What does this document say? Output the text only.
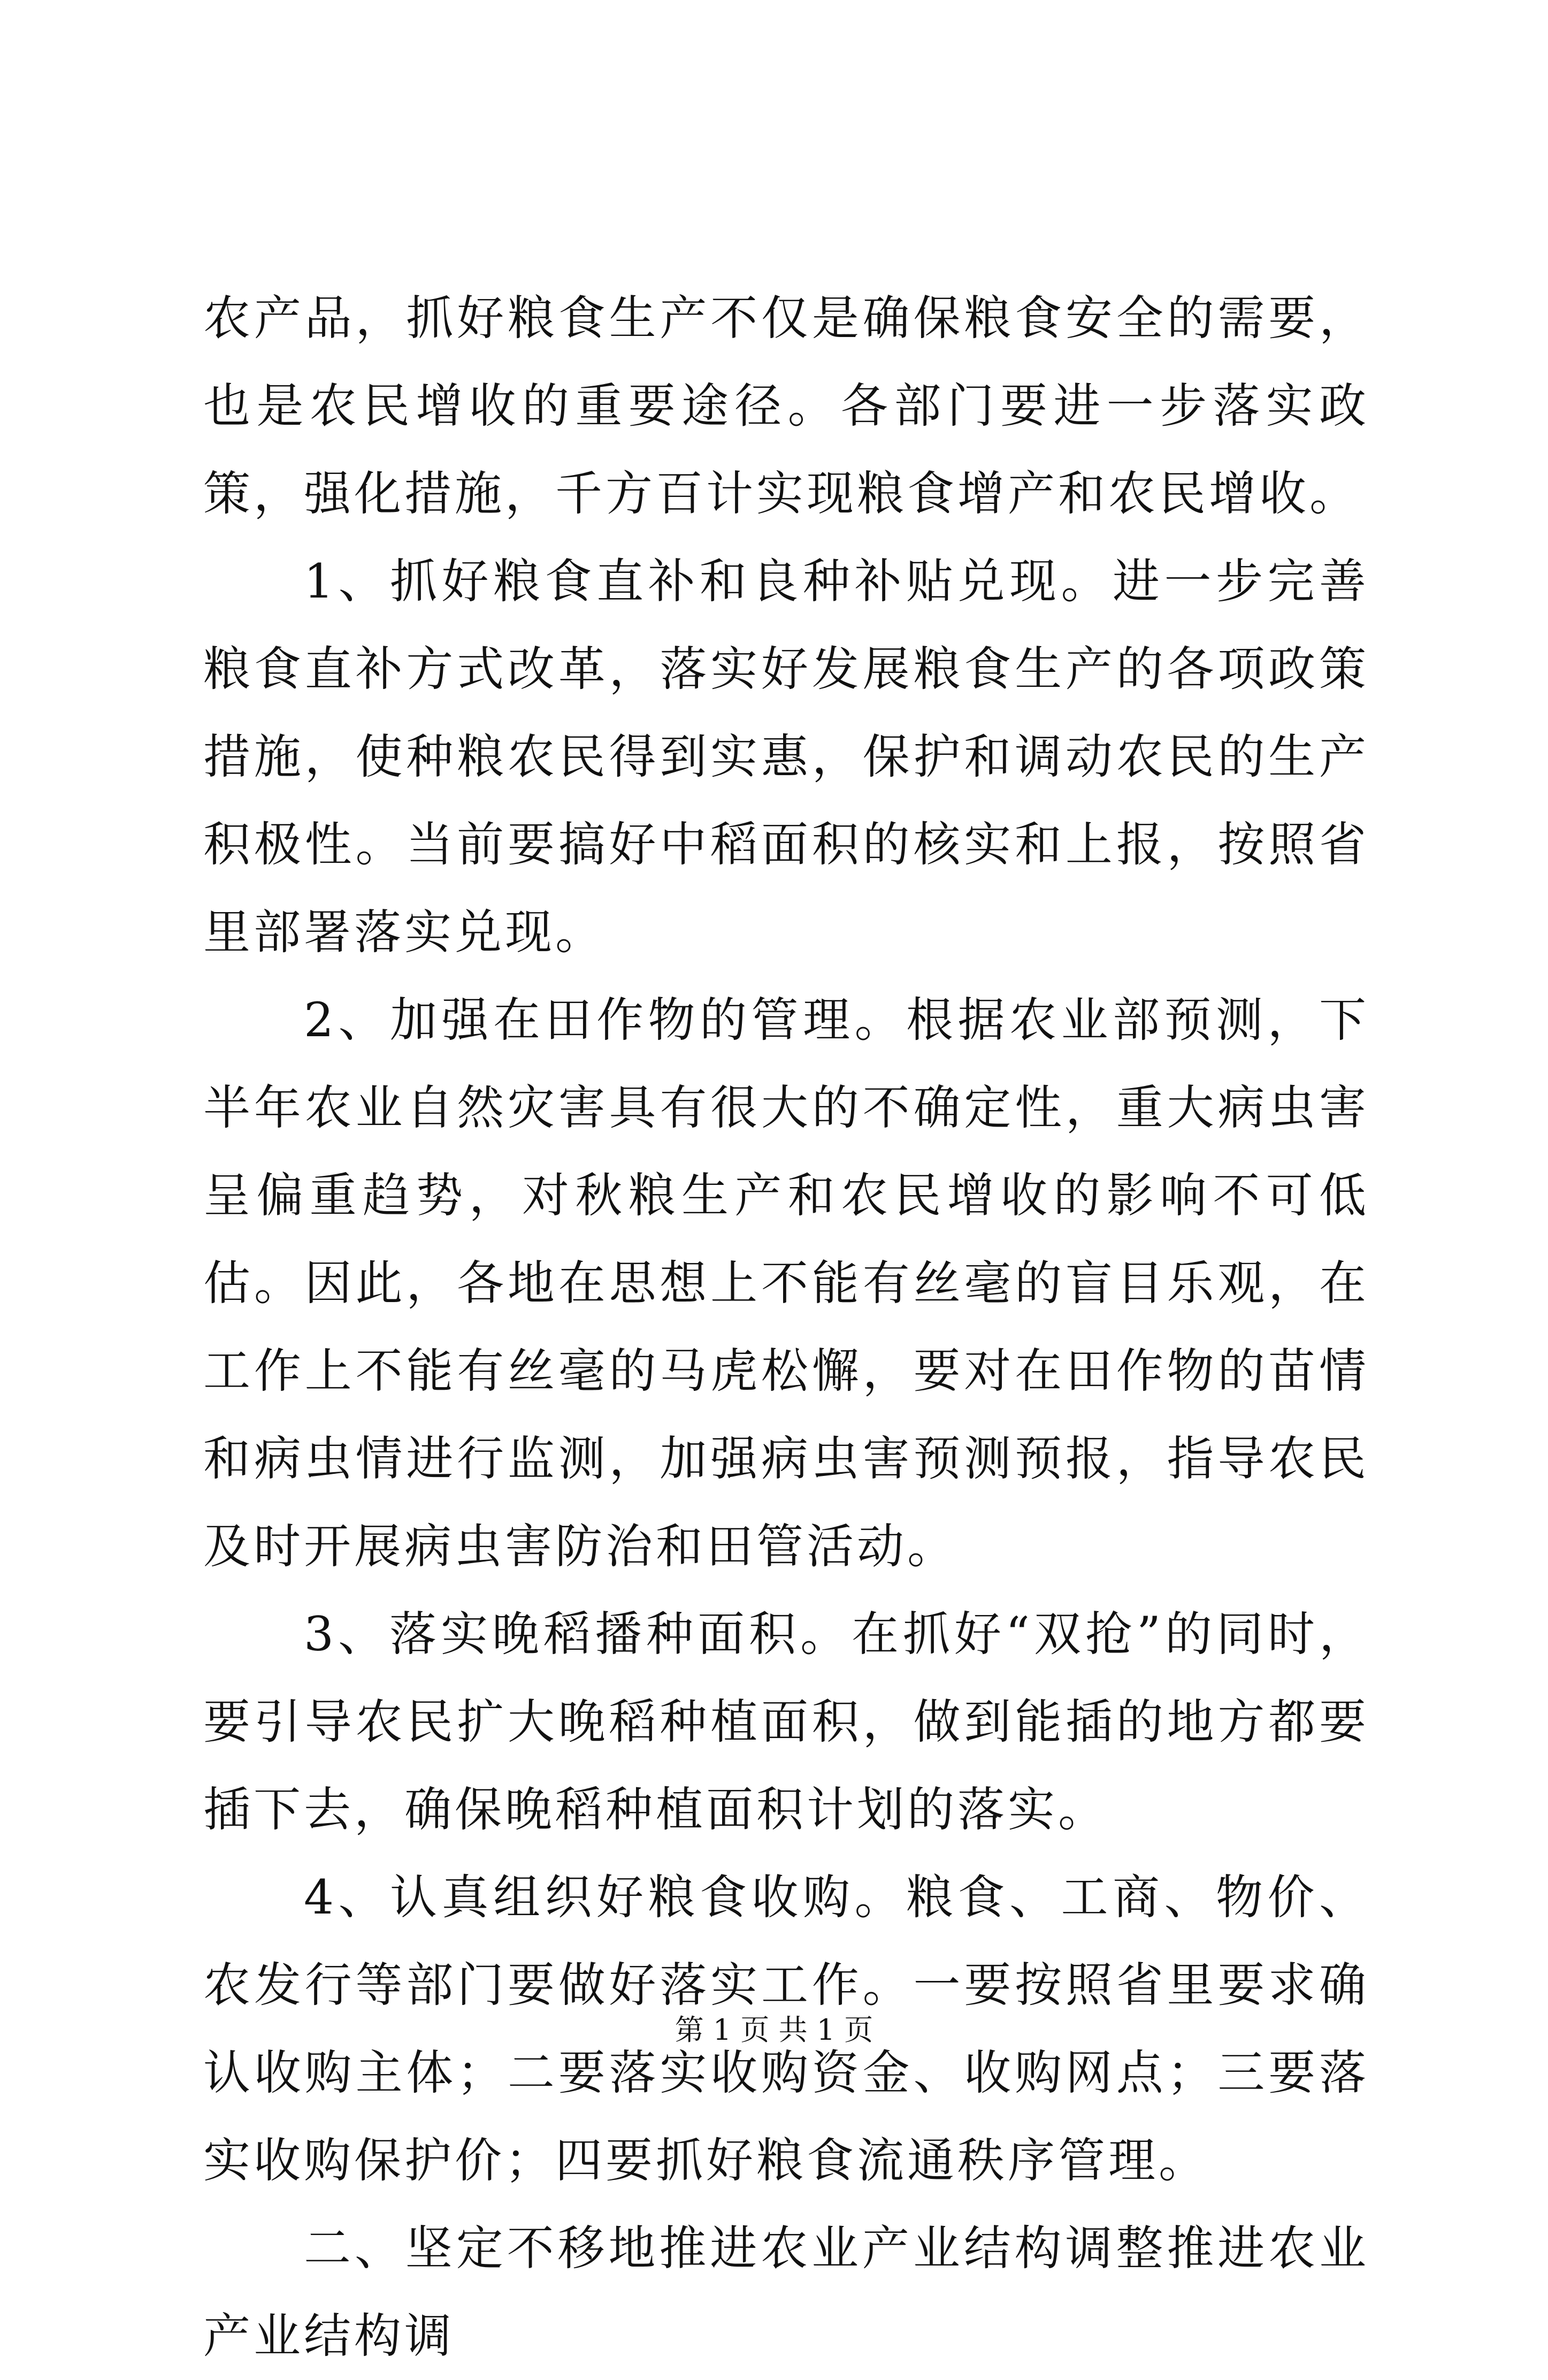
农产品，抓好粮食生产不仅是确保粮食安全的需要，也是农民增收的重要途径。各部门要进一步落实政策，强化措施，千方百计实现粮食增产和农民增收。

1、抓好粮食直补和良种补贴兑现。进一步完善粮食直补方式改革，落实好发展粮食生产的各项政策措施，使种粮农民得到实惠，保护和调动农民的生产积极性。当前要搞好中稻面积的核实和上报，按照省里部署落实兑现。

2、加强在田作物的管理。根据农业部预测，下半年农业自然灾害具有很大的不确定性，重大病虫害呈偏重趋势，对秋粮生产和农民增收的影响不可低估。因此，各地在思想上不能有丝毫的盲目乐观，在工作上不能有丝毫的马虎松懈，要对在田作物的苗情和病虫情进行监测，加强病虫害预测预报，指导农民及时开展病虫害防治和田管活动。

3、落实晚稻播种面积。在抓好“双抢”的同时，要引导农民扩大晚稻种植面积，做到能插的地方都要插下去，确保晚稻种植面积计划的落实。

4、认真组织好粮食收购。粮食、工商、物价、农发行等部门要做好落实工作。一要按照省里要求确认收购主体；二要落实收购资金、收购网点；三要落实收购保护价；四要抓好粮食流通秩序管理。

二、坚定不移地推进农业产业结构调整推进农业产业结构调

第 1 页 共 1 页
